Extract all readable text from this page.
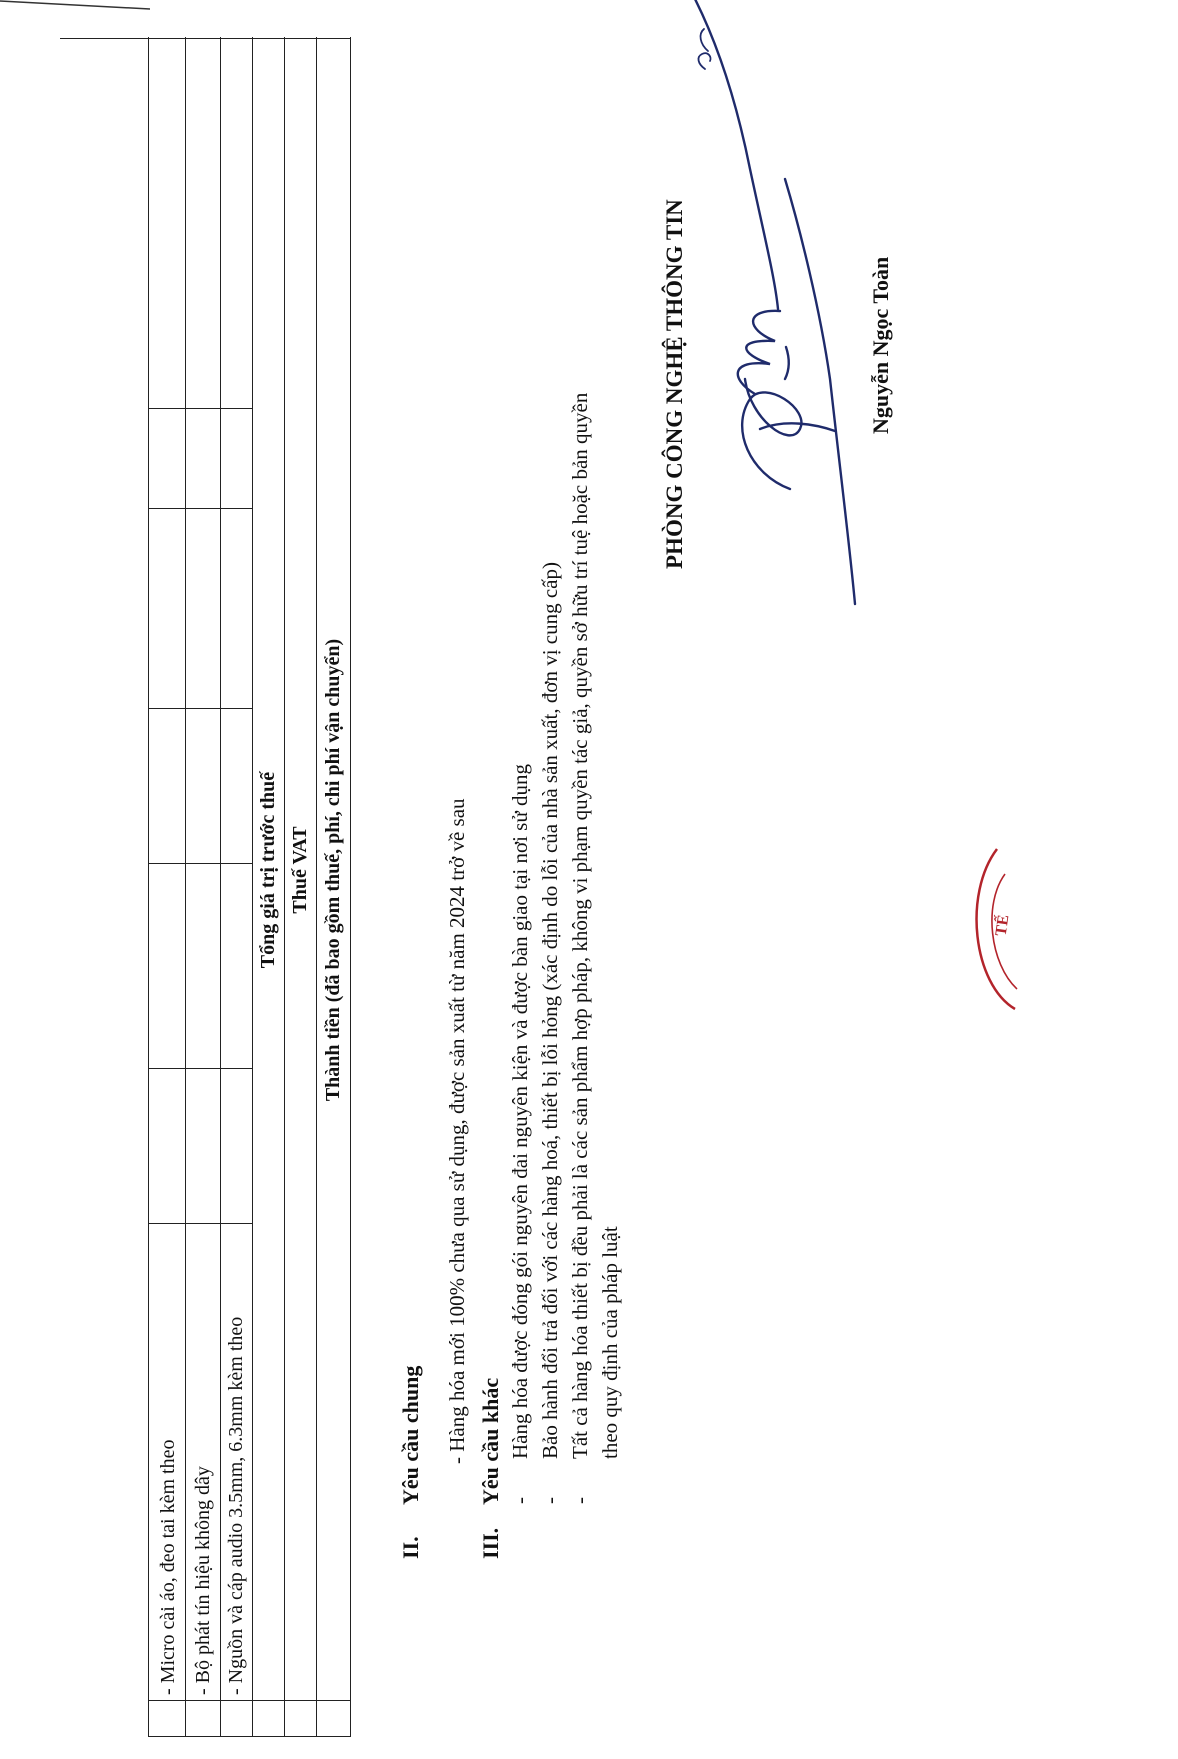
- Micro cài áo, đeo tai kèm theo - Bộ phát tín hiệu không dây - Nguồn và cáp audio 3.5mm, 6.3mm kèm theo
Tổng giá trị trước thuế Thuế VAT Thành tiền (đã bao gồm thuế, phí, chi phí vận chuyển)
II.
Yêu cầu chung - Hàng hóa mới 100% chưa qua sử dụng, được sản xuất từ năm 2024 trở về sau
III.
Yêu cầu khác -
Hàng hóa được đóng gói nguyên đai nguyên kiện và được bàn giao tại nơi sử dụng
-
Bảo hành đổi trả đối với các hàng hoá, thiết bị lỗi hỏng (xác định do lỗi của nhà sản xuất, đơn vị cung cấp)
-
Tất cả hàng hóa thiết bị đều phải là các sản phẩm hợp pháp, không vi phạm quyền tác giả, quyền sở hữu trí tuệ hoặc bản quyền theo quy định của pháp luật
PHÒNG CÔNG NGHỆ THÔNG TIN	Nguyễn Ngọc Toàn
TẾ
